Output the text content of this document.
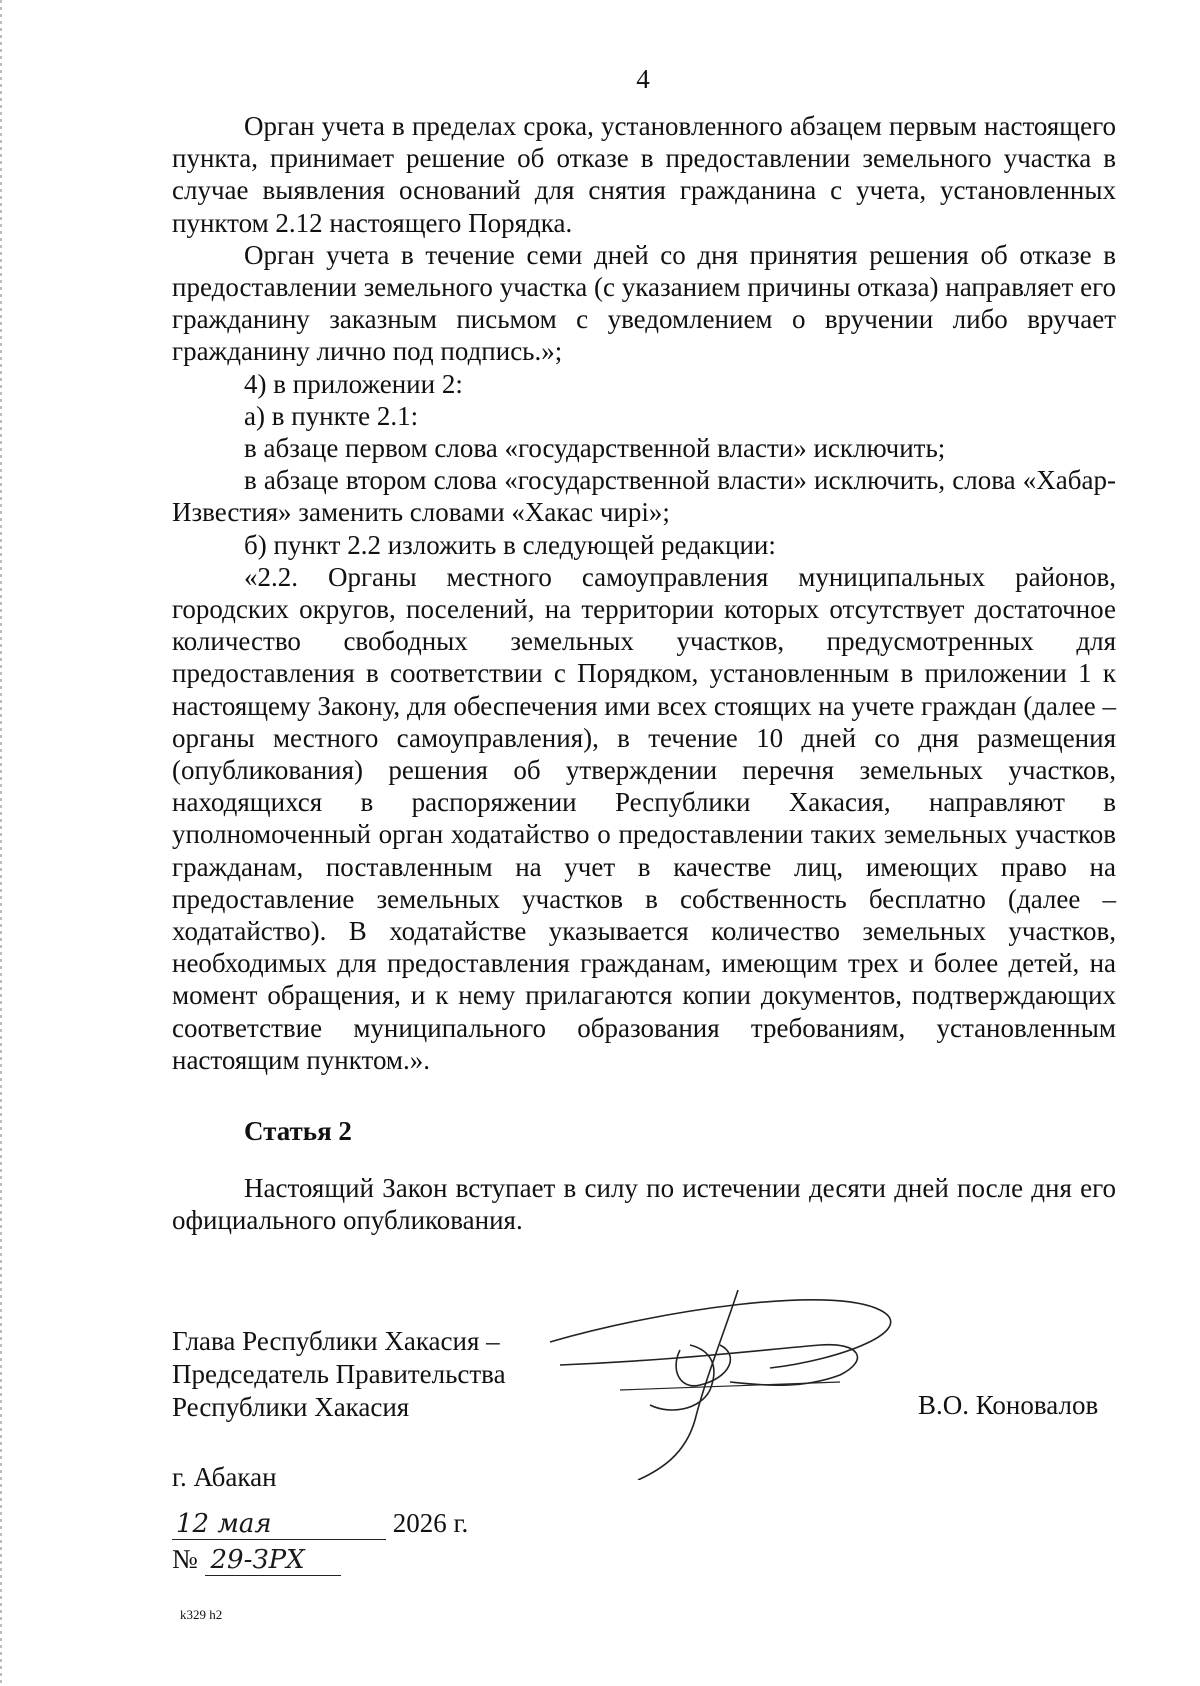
4

Орган учета в пределах срока, установленного абзацем первым настоящего пункта, принимает решение об отказе в предоставлении земельного участка в случае выявления оснований для снятия гражданина с учета, установленных пунктом 2.12 настоящего Порядка.

Орган учета в течение семи дней со дня принятия решения об отказе в предоставлении земельного участка (с указанием причины отказа) направляет его гражданину заказным письмом с уведомлением о вручении либо вручает гражданину лично под подпись.»;

4) в приложении 2:

а) в пункте 2.1:

в абзаце первом слова «государственной власти» исключить;

в абзаце втором слова «государственной власти» исключить, слова «Хабар-Известия» заменить словами «Хакас чирі»;

б) пункт 2.2 изложить в следующей редакции:

«2.2. Органы местного самоуправления муниципальных районов, городских округов, поселений, на территории которых отсутствует достаточное количество свободных земельных участков, предусмотренных для предоставления в соответствии с Порядком, установленным в приложении 1 к настоящему Закону, для обеспечения ими всех стоящих на учете граждан (далее – органы местного самоуправления), в течение 10 дней со дня размещения (опубликования) решения об утверждении перечня земельных участков, находящихся в распоряжении Республики Хакасия, направляют в уполномоченный орган ходатайство о предоставлении таких земельных участков гражданам, поставленным на учет в качестве лиц, имеющих право на предоставление земельных участков в собственность бесплатно (далее – ходатайство). В ходатайстве указывается количество земельных участков, необходимых для предоставления гражданам, имеющим трех и более детей, на момент обращения, и к нему прилагаются копии документов, подтверждающих соответствие муниципального образования требованиям, установленным настоящим пунктом.».

Статья 2

Настоящий Закон вступает в силу по истечении десяти дней после дня его официального опубликования.

Глава Республики Хакасия –
Председатель Правительства
Республики Хакасия	В.О. Коновалов
г. Абакан
12 мая	2026 г.
№ 29-ЗРХ
k329 h2
